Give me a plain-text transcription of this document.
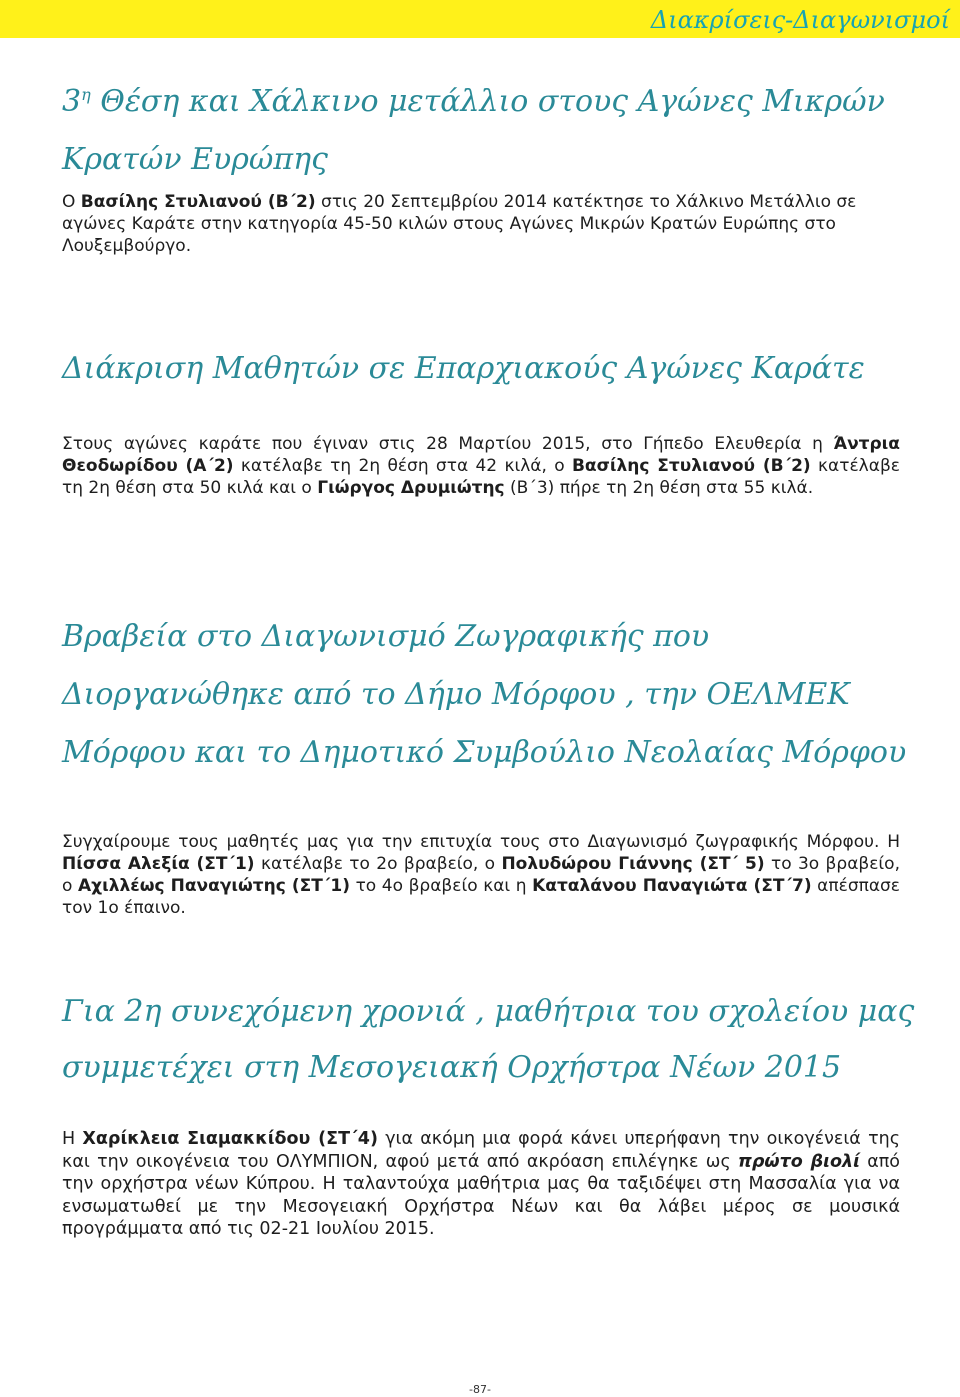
Διακρίσεις-Διαγωνισμοί
$3^\eta$ Θέση και Χάλκινο μετάλλιο στους Αγώνες Μικρών Κρατών Ευρώπης

Ο Βασίλης Στυλιανού (Β΄2) στις 20 Σεπτεμβρίου 2014 κατέκτησε το Χάλκινο Μετάλλιο σε αγώνες Καράτε στην κατηγορία 45-50 κιλών στους Αγώνες Μικρών Κρατών Ευρώπης στο Λουξεμβούργο.

Διάκριση Μαθητών σε Επαρχιακούς Αγώνες Καράτε

Στους αγώνες καράτε που έγιναν στις 28 Μαρτίου 2015, στο Γήπεδο Ελευθερία η Άντρια Θεοδωρίδου (Α΄2) κατέλαβε τη 2η θέση στα 42 κιλά, ο Βασίλης Στυλιανού (Β΄2) κατέλαβε τη 2η θέση στα 50 κιλά και ο Γιώργος Δρυμιώτης (Β΄3) πήρε τη 2η θέση στα 55 κιλά.

Βραβεία στο Διαγωνισμό Ζωγραφικής που Διοργανώθηκε από το Δήμο Μόρφου , την ΟΕΛΜΕΚ Μόρφου και το Δημοτικό Συμβούλιο Νεολαίας Μόρφου

Συγχαίρουμε τους μαθητές μας για την επιτυχία τους στο Διαγωνισμό ζωγραφικής Μόρφου. Η Πίσσα Αλεξία (ΣΤ΄1) κατέλαβε το 2ο βραβείο, ο Πολυδώρου Γιάννης (ΣΤ΄ 5) το 3ο βραβείο, ο Αχιλλέως Παναγιώτης (ΣΤ΄1) το 4ο βραβείο και η Καταλάνου Παναγιώτα (ΣΤ΄7) απέσπασε τον 1ο έπαινο.

Για 2η συνεχόμενη χρονιά , μαθήτρια του σχολείου μας συμμετέχει στη Μεσογειακή Ορχήστρα Νέων 2015

Η Χαρίκλεια Σιαμακκίδου (ΣΤ΄4) για ακόμη μια φορά κάνει υπερήφανη την οικογένειά της και την οικογένεια του ΟΛΥΜΠΙΟΝ, αφού μετά από ακρόαση επιλέγηκε ως πρώτο βιολί από την ορχήστρα νέων Κύπρου. Η ταλαντούχα μαθήτρια μας θα ταξιδέψει στη Μασσαλία για να ενσωματωθεί με την Μεσογειακή Ορχήστρα Νέων και θα λάβει μέρος σε μουσικά προγράμματα από τις 02-21 Ιουλίου 2015.

-87-
